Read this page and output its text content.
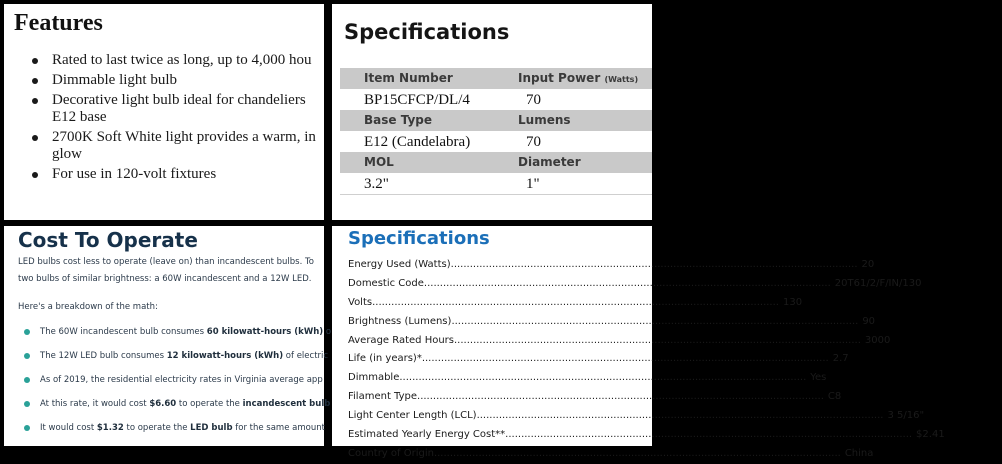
Features
Rated to last twice as long, up to 4,000 hou
Dimmable light bulb
Decorative light bulb ideal for chandeliers
E12 base
2700K Soft White light provides a warm, in
glow
For use in 120-volt fixtures
Specifications
Item Number	Input Power (Watts)
BP15CFCP/DL/4	70
Base Type	Lumens
E12 (Candelabra)	70
MOL	Diameter
3.2"	1"
Cost To Operate

LED bulbs cost less to operate (leave on) than incandescent bulbs. To
two bulbs of similar brightness: a 60W incandescent and a 12W LED.

Here's a breakdown of the math:

The 60W incandescent bulb consumes 60 kilowatt-hours (kWh) o
The 12W LED bulb consumes 12 kilowatt-hours (kWh) of electric
As of 2019, the residential electricity rates in Virginia average app
At this rate, it would cost $6.60 to operate the incandescent bulb
It would cost $1.32 to operate the LED bulb for the same amount
Specifications
Energy Used (Watts) .....	20
Domestic Code .....	20T61/2/F/IN/130
Volts .....	130
Brightness (Lumens) .....	90
Average Rated Hours .....	3000
Life (in years)* .....	2.7
Dimmable .....	Yes
Filament Type .....	C8
Light Center Length (LCL) .....	3 5/16"
Estimated Yearly Energy Cost** .....	$2.41
Country of Origin .....	China
